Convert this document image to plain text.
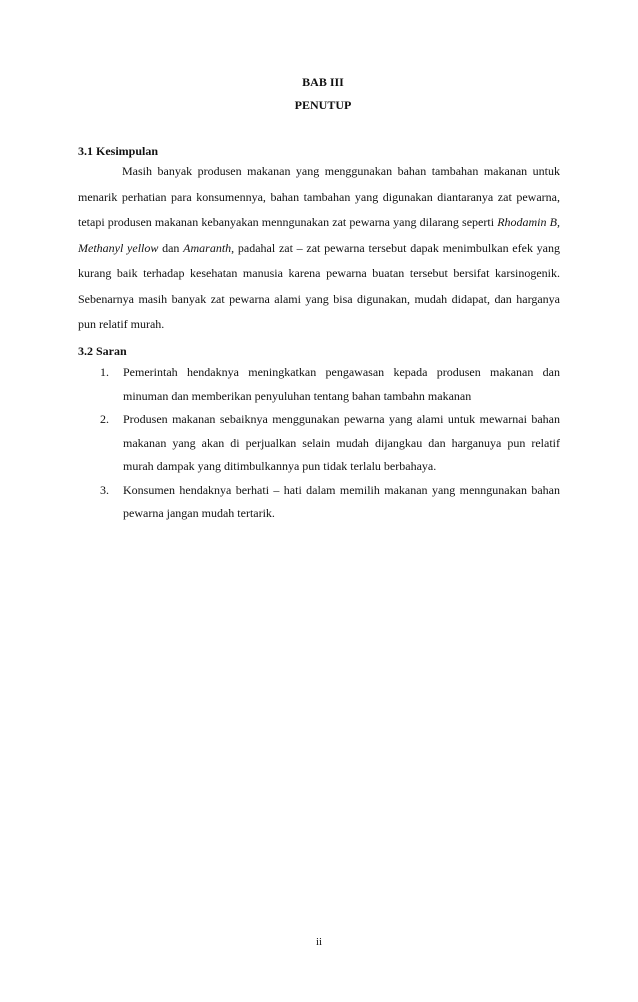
BAB III
PENUTUP
3.1 Kesimpulan

Masih banyak produsen makanan yang menggunakan bahan tambahan makanan untuk menarik perhatian para konsumennya, bahan tambahan yang digunakan diantaranya zat pewarna, tetapi produsen makanan kebanyakan menngunakan zat pewarna yang dilarang seperti Rhodamin B, Methanyl yellow dan Amaranth, padahal zat – zat pewarna tersebut dapak menimbulkan efek yang kurang baik terhadap kesehatan manusia karena pewarna buatan tersebut bersifat karsinogenik. Sebenarnya masih banyak zat pewarna alami yang bisa digunakan, mudah didapat, dan harganya pun relatif murah.

3.2 Saran
1. Pemerintah hendaknya meningkatkan pengawasan kepada produsen makanan dan minuman dan memberikan penyuluhan tentang bahan tambahn makanan
2. Produsen makanan sebaiknya menggunakan pewarna yang alami untuk mewarnai bahan makanan yang akan di perjualkan selain mudah dijangkau dan harganuya pun relatif murah dampak yang ditimbulkannya pun tidak terlalu berbahaya.
3. Konsumen hendaknya berhati – hati dalam memilih makanan yang menngunakan bahan pewarna jangan mudah tertarik.
ii
